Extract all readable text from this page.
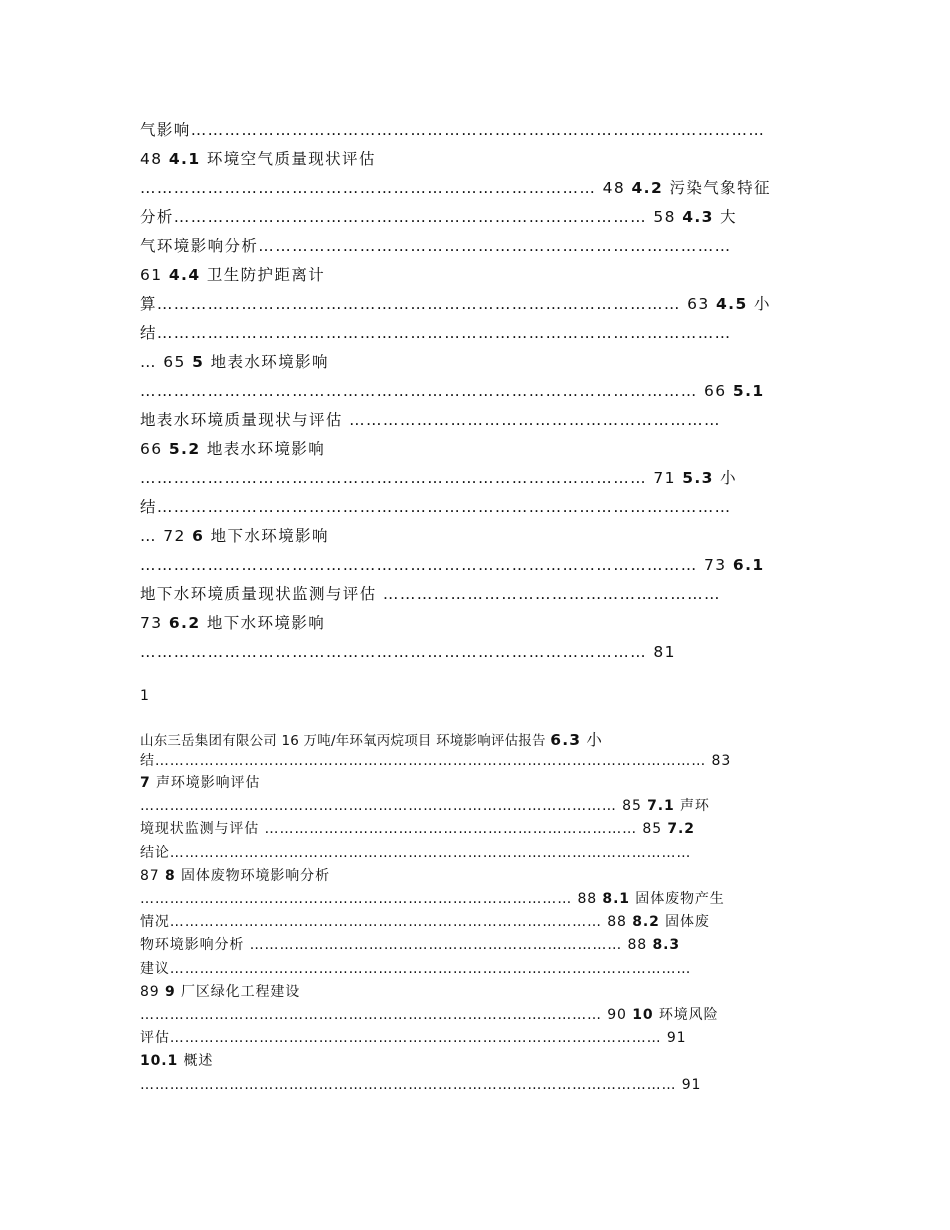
气影响…………………………………………………………………………………………
48 4.1 环境空气质量现状评估
……………………………………………………………………… 48 4.2 污染气象特征
分析………………………………………………………………………… 58 4.3 大
气环境影响分析…………………………………………………………………………
61 4.4 卫生防护距离计
算………………………………………………………………………………… 63 4.5 小
结…………………………………………………………………………………………
… 65 5 地表水环境影响
……………………………………………………………………………………… 66 5.1
地表水环境质量现状与评估 …………………………………………………………
66 5.2 地表水环境影响
……………………………………………………………………………… 71 5.3 小
结…………………………………………………………………………………………
… 72 6 地下水环境影响
……………………………………………………………………………………… 73 6.1
地下水环境质量现状监测与评估 ……………………………………………………
73 6.2 地下水环境影响
……………………………………………………………………………… 81
1
山东三岳集团有限公司 16 万吨/年环氧丙烷项目 环境影响评估报告 6.3 小
结………………………………………………………………………………………………… 83
7 声环境影响评估
…………………………………………………………………………………… 85 7.1 声环
境现状监测与评估 ………………………………………………………………… 85 7.2
结论……………………………………………………………………………………………
87 8 固体废物环境影响分析
…………………………………………………………………………… 88 8.1 固体废物产生
情况…………………………………………………………………………… 88 8.2 固体废
物环境影响分析 ………………………………………………………………… 88 8.3
建议……………………………………………………………………………………………
89 9 厂区绿化工程建设
………………………………………………………………………………… 90 10 环境风险
评估……………………………………………………………………………………… 91
10.1 概述
……………………………………………………………………………………………… 91
